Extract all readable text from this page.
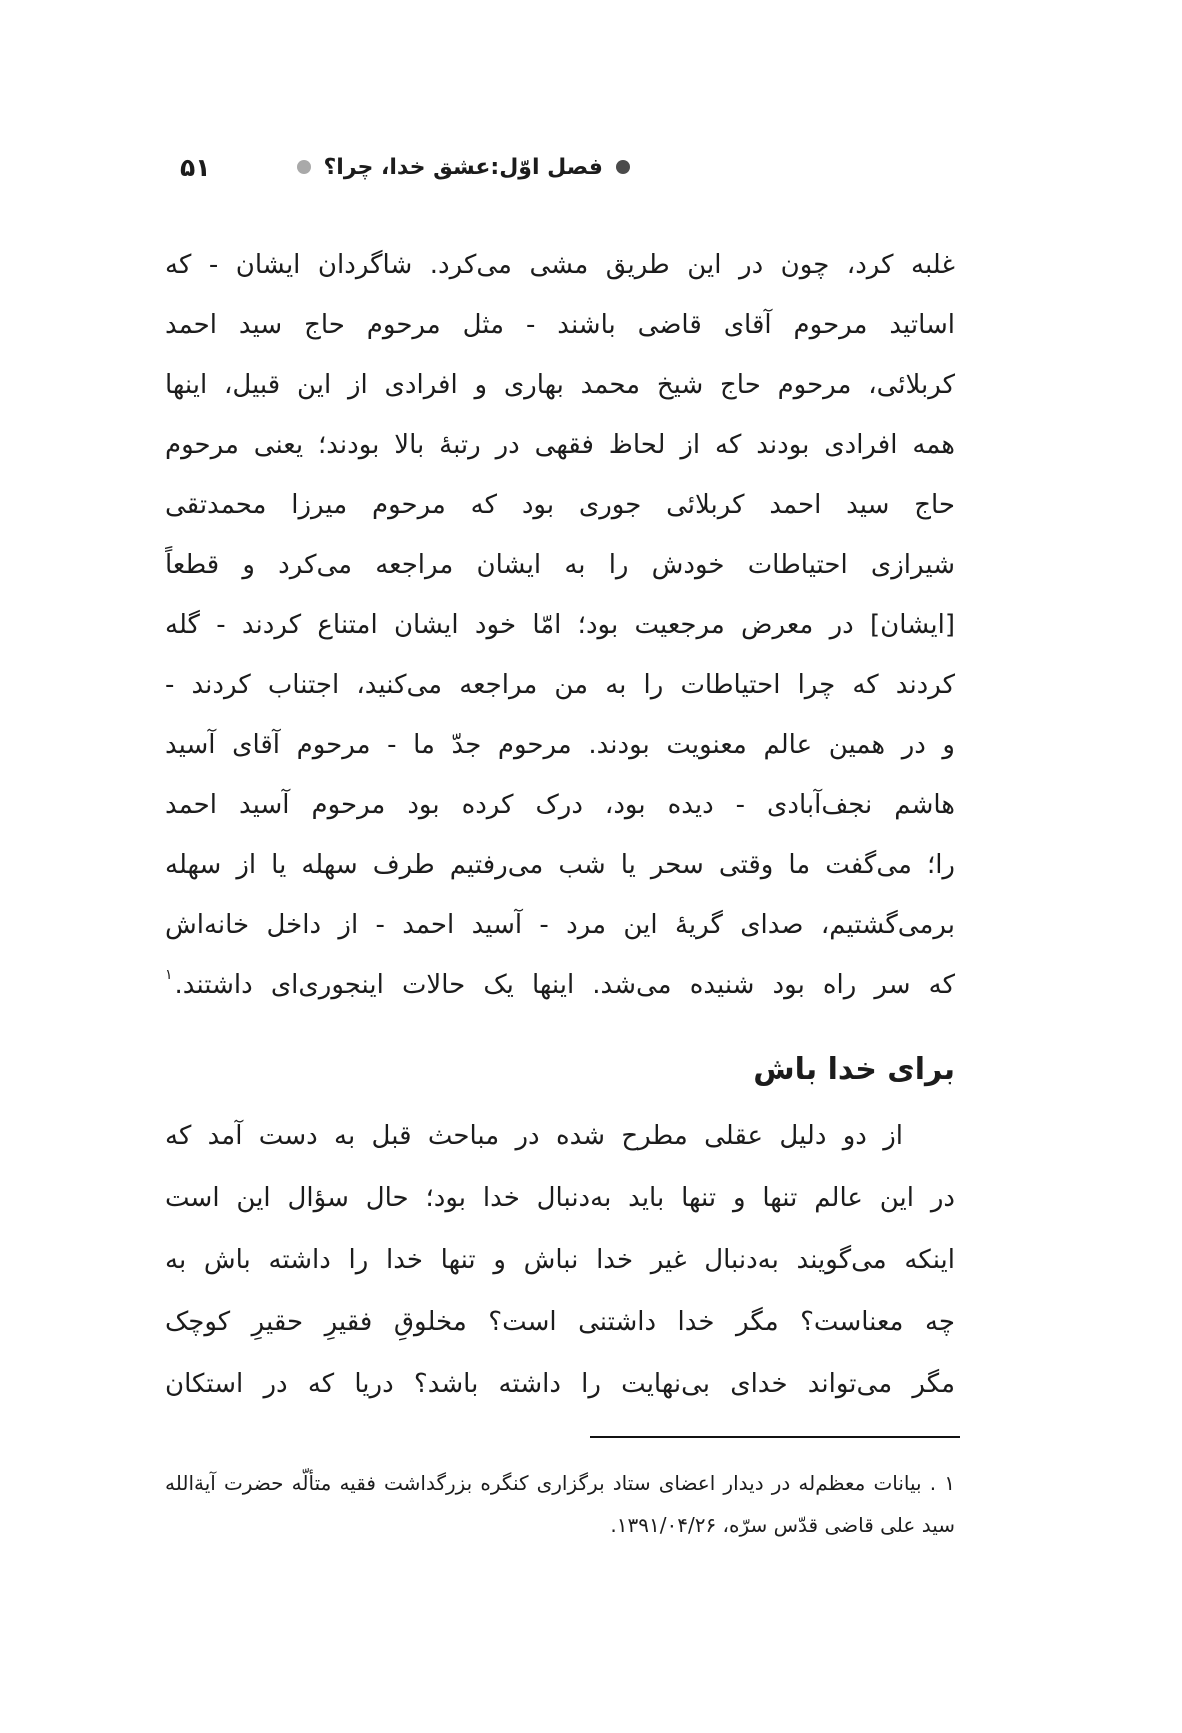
۵۱	فصل اوّل:عشق خدا، چرا؟
غلبه کرد، چون در این طریق مشی می‌کرد. شاگردان ایشان - که
اساتید مرحوم آقای قاضی باشند - مثل مرحوم حاج سید احمد
کربلائی، مرحوم حاج شیخ محمد بهاری و افرادی از این قبیل، اینها
همه افرادی بودند که از لحاظ فقهی در رتبهٔ بالا بودند؛ یعنی مرحوم
حاج سید احمد کربلائی جوری بود که مرحوم میرزا محمدتقی
شیرازی احتیاطات خودش را به ایشان مراجعه می‌کرد و قطعاً
[ایشان] در معرض مرجعیت بود؛ امّا خود ایشان امتناع کردند - گله
کردند که چرا احتیاطات را به من مراجعه می‌کنید، اجتناب کردند -
و در همین عالم معنویت بودند. مرحوم جدّ ما - مرحوم آقای آسید
هاشم نجف‌آبادی - دیده بود، درک کرده بود مرحوم آسید احمد
را؛ می‌گفت ما وقتی سحر یا شب می‌رفتیم طرف سهله یا از سهله
برمی‌گشتیم، صدای گریهٔ این مرد - آسید احمد - از داخل خانه‌اش
که سر راه بود شنیده می‌شد. اینها یک حالات اینجوری‌ای داشتند.$^۱$
برای خدا باش
از دو دلیل عقلی مطرح شده در مباحث قبل به دست آمد که
در این عالم تنها و تنها باید به‌دنبال خدا بود؛ حال سؤال این است
اینکه می‌گویند به‌دنبال غیر خدا نباش و تنها خدا را داشته باش به
چه معناست؟ مگر خدا داشتنی است؟ مخلوقِ فقیرِ حقیرِ کوچک
مگر می‌تواند خدای بی‌نهایت را داشته باشد؟ دریا که در استکان
۱ . بیانات معظم‌له در دیدار اعضای ستاد برگزاری کنگره بزرگداشت فقیه متألّه حضرت آیة‌الله
سید علی قاضی قدّس سرّه، ۱۳۹۱/۰۴/۲۶.
